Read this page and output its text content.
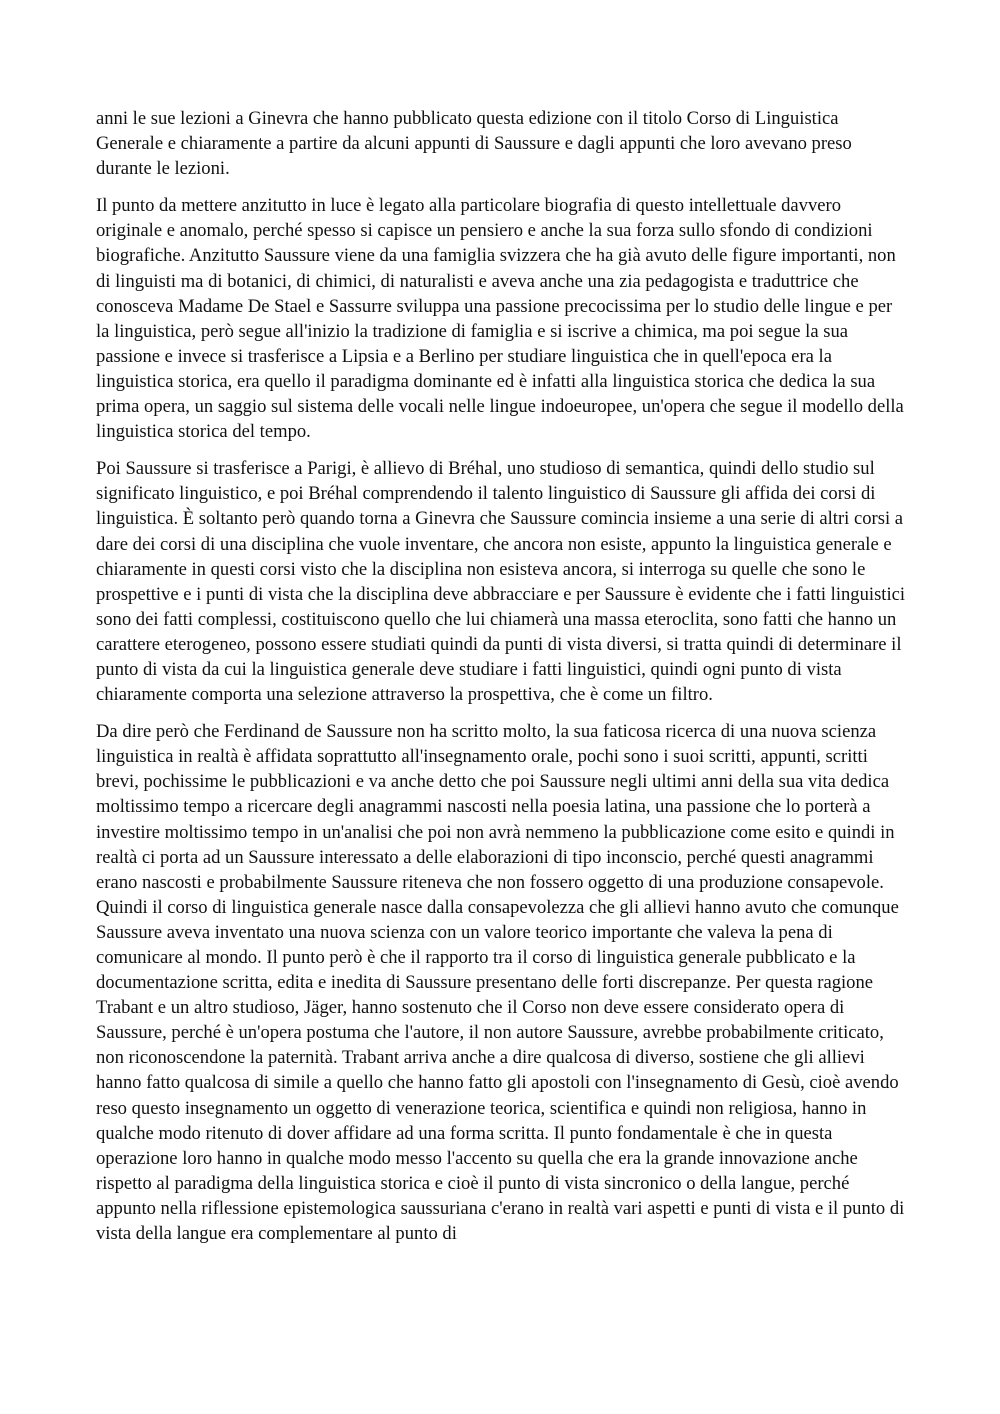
anni le sue lezioni a Ginevra che hanno pubblicato questa edizione con il titolo Corso di Linguistica Generale e chiaramente a partire da alcuni appunti di Saussure e dagli appunti che loro avevano preso durante le lezioni.

Il punto da mettere anzitutto in luce è legato alla particolare biografia di questo intellettuale davvero originale e anomalo, perché spesso si capisce un pensiero e anche la sua forza sullo sfondo di condizioni biografiche. Anzitutto Saussure viene da una famiglia svizzera che ha già avuto delle figure importanti, non di linguisti ma di botanici, di chimici, di naturalisti e aveva anche una zia pedagogista e traduttrice che conosceva Madame De Stael e Sassurre sviluppa una passione precocissima per lo studio delle lingue e per la linguistica, però segue all'inizio la tradizione di famiglia e si iscrive a chimica, ma poi segue la sua passione e invece si trasferisce a Lipsia e a Berlino per studiare linguistica che in quell'epoca era la linguistica storica, era quello il paradigma dominante ed è infatti alla linguistica storica che dedica la sua prima opera, un saggio sul sistema delle vocali nelle lingue indoeuropee, un'opera che segue il modello della linguistica storica del tempo.

Poi Saussure si trasferisce a Parigi, è allievo di Bréhal, uno studioso di semantica, quindi dello studio sul significato linguistico, e poi Bréhal comprendendo il talento linguistico di Saussure gli affida dei corsi di linguistica. È soltanto però quando torna a Ginevra che Saussure comincia insieme a una serie di altri corsi a dare dei corsi di una disciplina che vuole inventare, che ancora non esiste, appunto la linguistica generale e chiaramente in questi corsi visto che la disciplina non esisteva ancora, si interroga su quelle che sono le prospettive e i punti di vista che la disciplina deve abbracciare e per Saussure è evidente che i fatti linguistici sono dei fatti complessi, costituiscono quello che lui chiamerà una massa eteroclita, sono fatti che hanno un carattere eterogeneo, possono essere studiati quindi da punti di vista diversi, si tratta quindi di determinare il punto di vista da cui la linguistica generale deve studiare i fatti linguistici, quindi ogni punto di vista chiaramente comporta una selezione attraverso la prospettiva, che è come un filtro.

Da dire però che Ferdinand de Saussure non ha scritto molto, la sua faticosa ricerca di una nuova scienza linguistica in realtà è affidata soprattutto all'insegnamento orale, pochi sono i suoi scritti, appunti, scritti brevi, pochissime le pubblicazioni e va anche detto che poi Saussure negli ultimi anni della sua vita dedica moltissimo tempo a ricercare degli anagrammi nascosti nella poesia latina, una passione che lo porterà a investire moltissimo tempo in un'analisi che poi non avrà nemmeno la pubblicazione come esito e quindi in realtà ci porta ad un Saussure interessato a delle elaborazioni di tipo inconscio, perché questi anagrammi erano nascosti e probabilmente Saussure riteneva che non fossero oggetto di una produzione consapevole. Quindi il corso di linguistica generale nasce dalla consapevolezza che gli allievi hanno avuto che comunque Saussure aveva inventato una nuova scienza con un valore teorico importante che valeva la pena di comunicare al mondo. Il punto però è che il rapporto tra il corso di linguistica generale pubblicato e la documentazione scritta, edita e inedita di Saussure presentano delle forti discrepanze. Per questa ragione Trabant e un altro studioso, Jäger, hanno sostenuto che il Corso non deve essere considerato opera di Saussure, perché è un'opera postuma che l'autore, il non autore Saussure, avrebbe probabilmente criticato, non riconoscendone la paternità. Trabant arriva anche a dire qualcosa di diverso, sostiene che gli allievi hanno fatto qualcosa di simile a quello che hanno fatto gli apostoli con l'insegnamento di Gesù, cioè avendo reso questo insegnamento un oggetto di venerazione teorica, scientifica e quindi non religiosa, hanno in qualche modo ritenuto di dover affidare ad una forma scritta. Il punto fondamentale è che in questa operazione loro hanno in qualche modo messo l'accento su quella che era la grande innovazione anche rispetto al paradigma della linguistica storica e cioè il punto di vista sincronico o della langue, perché appunto nella riflessione epistemologica saussuriana c'erano in realtà vari aspetti e punti di vista e il punto di vista della langue era complementare al punto di
